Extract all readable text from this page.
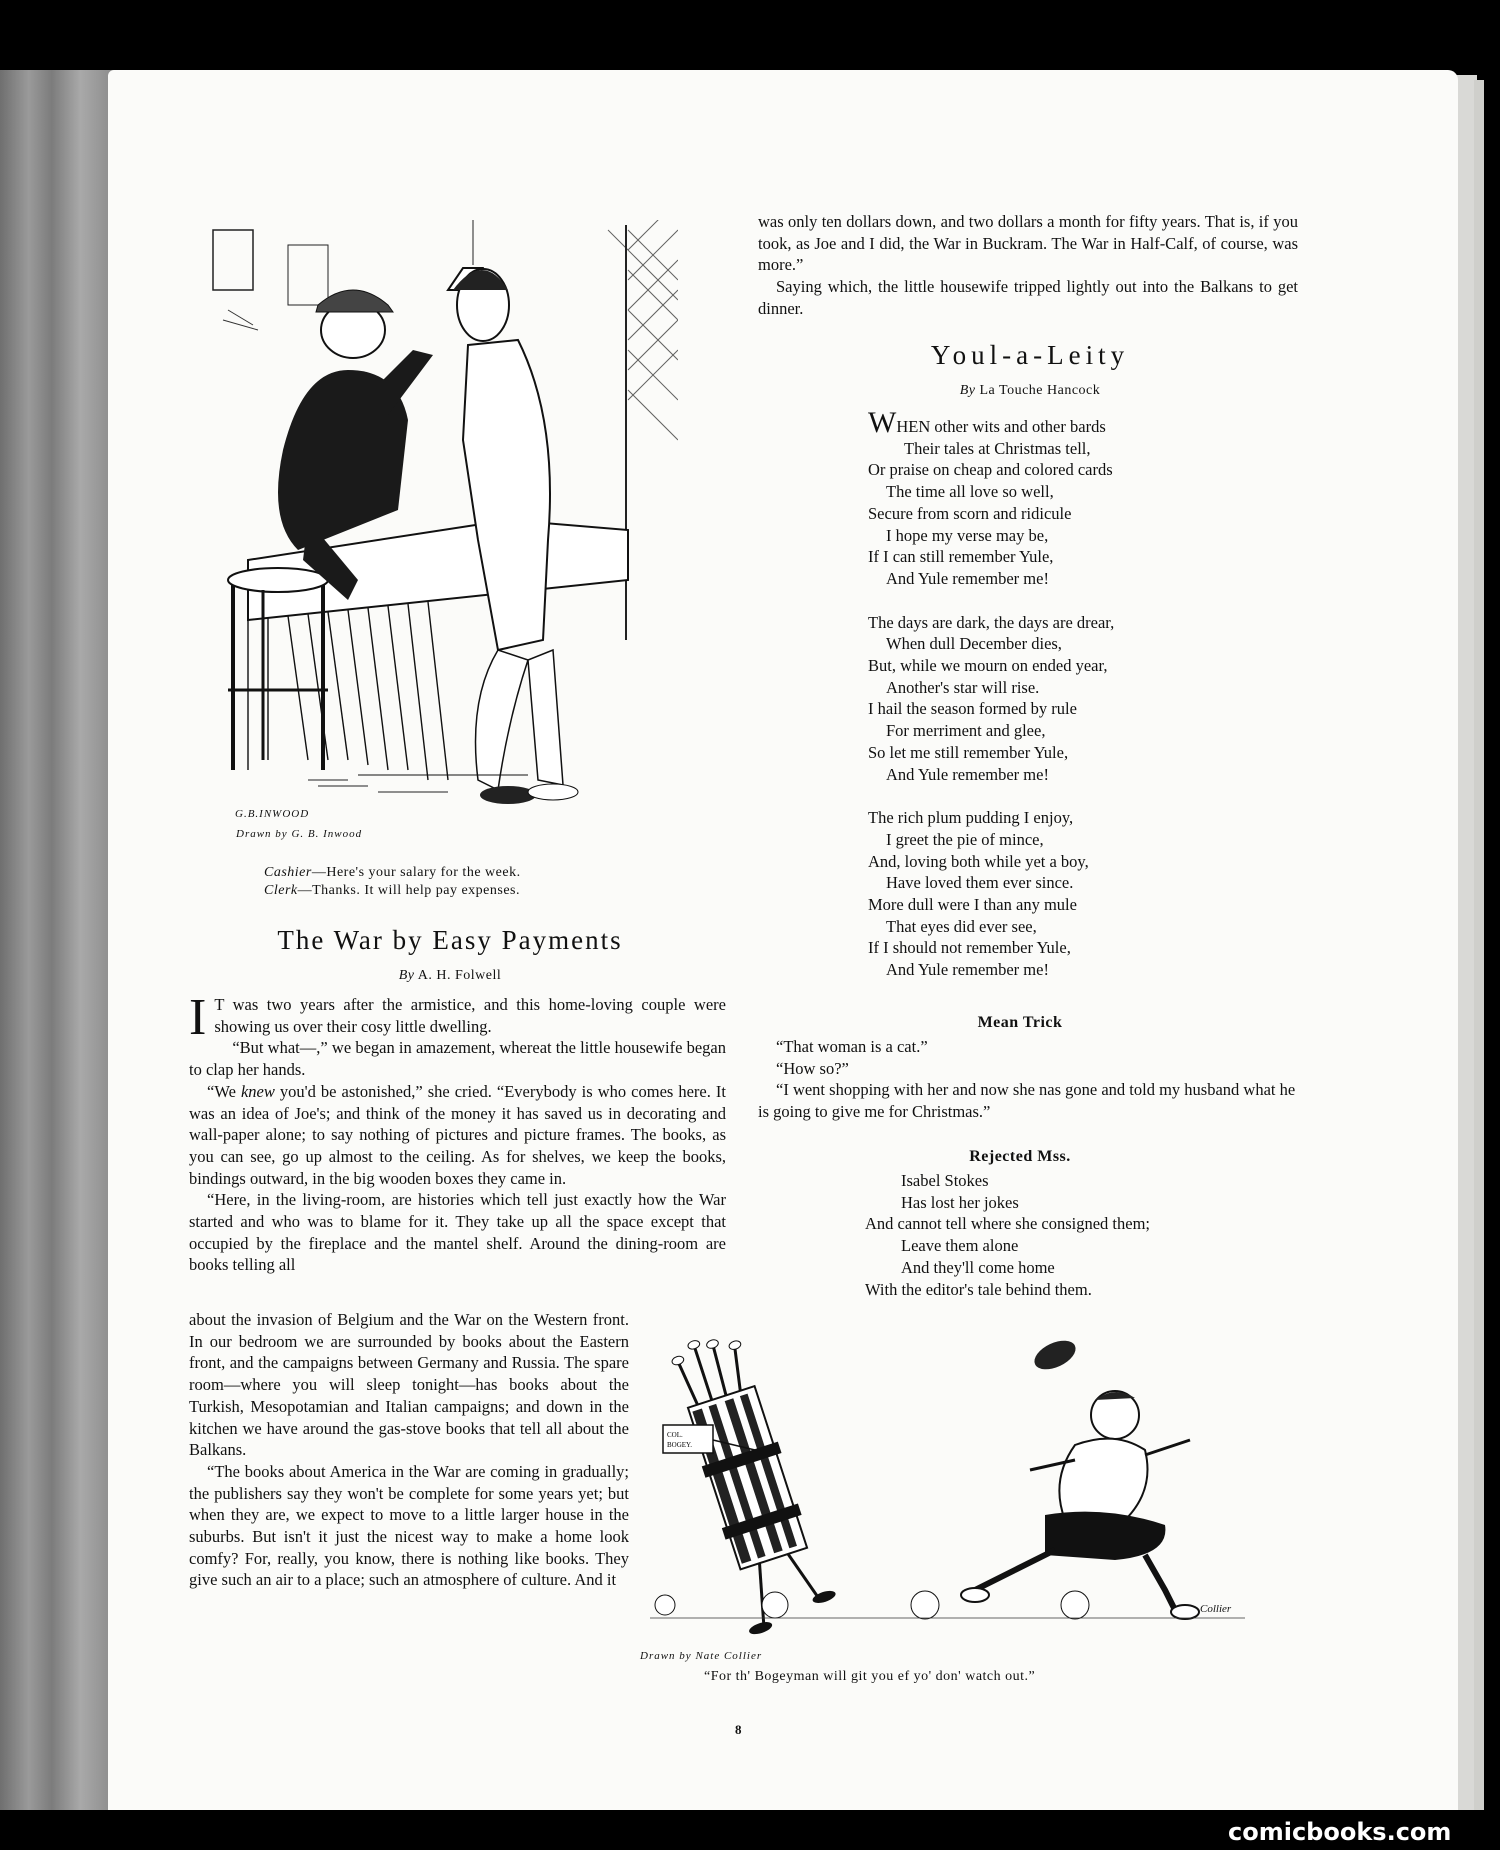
G.B.INWOOD
Drawn by G. B. Inwood
Cashier—Here's your salary for the week.
Clerk—Thanks. It will help pay expenses.
The War by Easy Payments
By A. H. Folwell

I T was two years after the armistice, and this home-loving couple were showing us over their cosy little dwelling.

“But what—,” we began in amazement, whereat the little housewife began to clap her hands.

“We knew you'd be astonished,” she cried. “Everybody is who comes here. It was an idea of Joe's; and think of the money it has saved us in decorating and wall-paper alone; to say nothing of pictures and picture frames. The books, as you can see, go up almost to the ceiling. As for shelves, we keep the books, bindings outward, in the big wooden boxes they came in.

“Here, in the living-room, are histories which tell just exactly how the War started and who was to blame for it. They take up all the space except that occupied by the fireplace and the mantel shelf. Around the dining-room are books telling all

about the invasion of Belgium and the War on the Western front. In our bedroom we are surrounded by books about the Eastern front, and the campaigns between Germany and Russia. The spare room—where you will sleep tonight—has books about the Turkish, Mesopotamian and Italian campaigns; and down in the kitchen we have around the gas-stove books that tell all about the Balkans.

“The books about America in the War are coming in gradually; the publishers say they won't be complete for some years yet; but when they are, we expect to move to a little larger house in the suburbs. But isn't it just the nicest way to make a home look comfy? For, really, you know, there is nothing like books. They give such an air to a place; such an atmosphere of culture. And it

was only ten dollars down, and two dollars a month for fifty years. That is, if you took, as Joe and I did, the War in Buckram. The War in Half-Calf, of course, was more.”

Saying which, the little housewife tripped lightly out into the Balkans to get dinner.

Youl-a-Leity
By La Touche Hancock
WHEN other wits and other bards
Their tales at Christmas tell,
Or praise on cheap and colored cards
The time all love so well,
Secure from scorn and ridicule
I hope my verse may be,
If I can still remember Yule,
And Yule remember me!
The days are dark, the days are drear,
When dull December dies,
But, while we mourn on ended year,
Another's star will rise.
I hail the season formed by rule
For merriment and glee,
So let me still remember Yule,
And Yule remember me!
The rich plum pudding I enjoy,
I greet the pie of mince,
And, loving both while yet a boy,
Have loved them ever since.
More dull were I than any mule
That eyes did ever see,
If I should not remember Yule,
And Yule remember me!
Mean Trick

“That woman is a cat.”

“How so?”

“I went shopping with her and now she nas gone and told my husband what he is going to give me for Christmas.”

Rejected Mss.
Isabel Stokes
Has lost her jokes
And cannot tell where she consigned them;
Leave them alone
And they'll come home
With the editor's tale behind them.
COL.
BOGEY.
Collier
Drawn by Nate Collier
“For th' Bogeyman will git you ef yo' don' watch out.”
8
comicbooks.com
